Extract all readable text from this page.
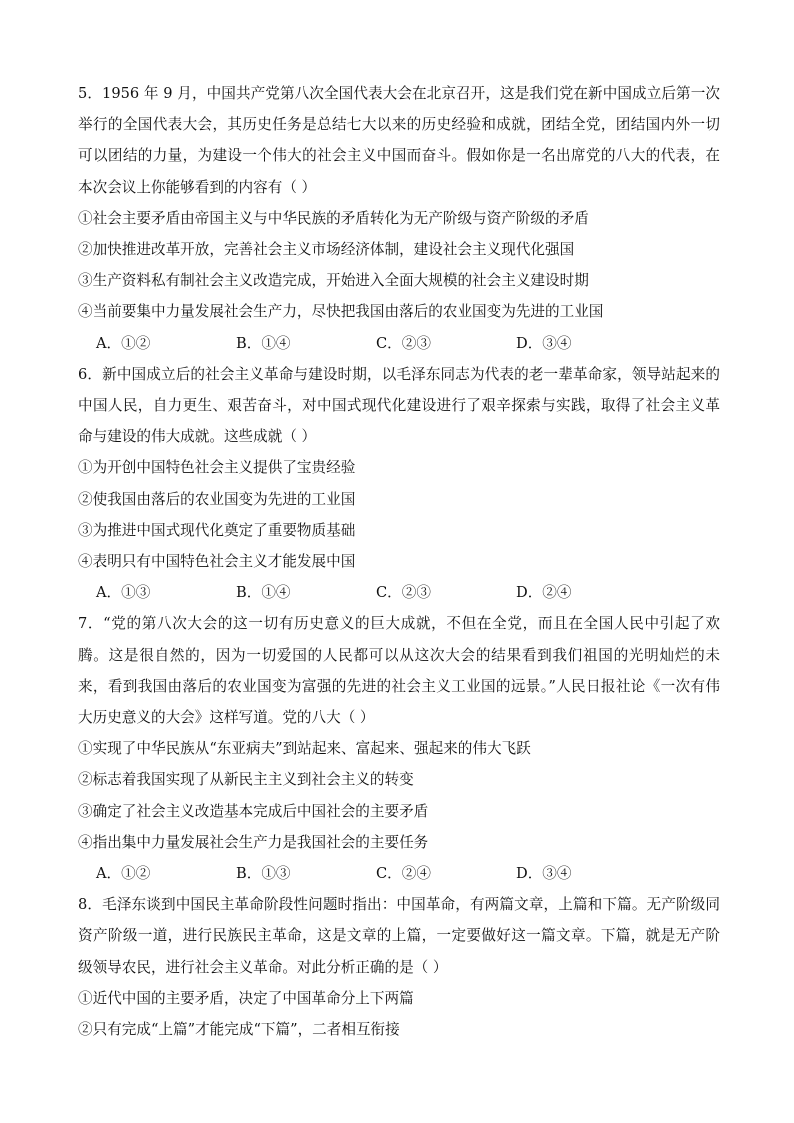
5．1956 年 9 月，中国共产党第八次全国代表大会在北京召开，这是我们党在新中国成立后第一次举行的全国代表大会，其历史任务是总结七大以来的历史经验和成就，团结全党，团结国内外一切可以团结的力量，为建设一个伟大的社会主义中国而奋斗。假如你是一名出席党的八大的代表，在本次会议上你能够看到的内容有（ ）

①社会主要矛盾由帝国主义与中华民族的矛盾转化为无产阶级与资产阶级的矛盾

②加快推进改革开放，完善社会主义市场经济体制，建设社会主义现代化强国

③生产资料私有制社会主义改造完成，开始进入全面大规模的社会主义建设时期

④当前要集中力量发展社会生产力，尽快把我国由落后的农业国变为先进的工业国

A．①②	B．①④	C．②③	D．③④

6．新中国成立后的社会主义革命与建设时期，以毛泽东同志为代表的老一辈革命家，领导站起来的中国人民，自力更生、艰苦奋斗，对中国式现代化建设进行了艰辛探索与实践，取得了社会主义革命与建设的伟大成就。这些成就（ ）

①为开创中国特色社会主义提供了宝贵经验

②使我国由落后的农业国变为先进的工业国

③为推进中国式现代化奠定了重要物质基础

④表明只有中国特色社会主义才能发展中国

A．①③	B．①④	C．②③	D．②④

7．“党的第八次大会的这一切有历史意义的巨大成就，不但在全党，而且在全国人民中引起了欢腾。这是很自然的，因为一切爱国的人民都可以从这次大会的结果看到我们祖国的光明灿烂的未来，看到我国由落后的农业国变为富强的先进的社会主义工业国的远景。”人民日报社论《一次有伟大历史意义的大会》这样写道。党的八大（ ）

①实现了中华民族从“东亚病夫”到站起来、富起来、强起来的伟大飞跃

②标志着我国实现了从新民主主义到社会主义的转变

③确定了社会主义改造基本完成后中国社会的主要矛盾

④指出集中力量发展社会生产力是我国社会的主要任务

A．①②	B．①③	C．②④	D．③④

8．毛泽东谈到中国民主革命阶段性问题时指出：中国革命，有两篇文章，上篇和下篇。无产阶级同资产阶级一道，进行民族民主革命，这是文章的上篇，一定要做好这一篇文章。下篇，就是无产阶级领导农民，进行社会主义革命。对此分析正确的是（ ）

①近代中国的主要矛盾，决定了中国革命分上下两篇

②只有完成“上篇”才能完成“下篇”，二者相互衔接
